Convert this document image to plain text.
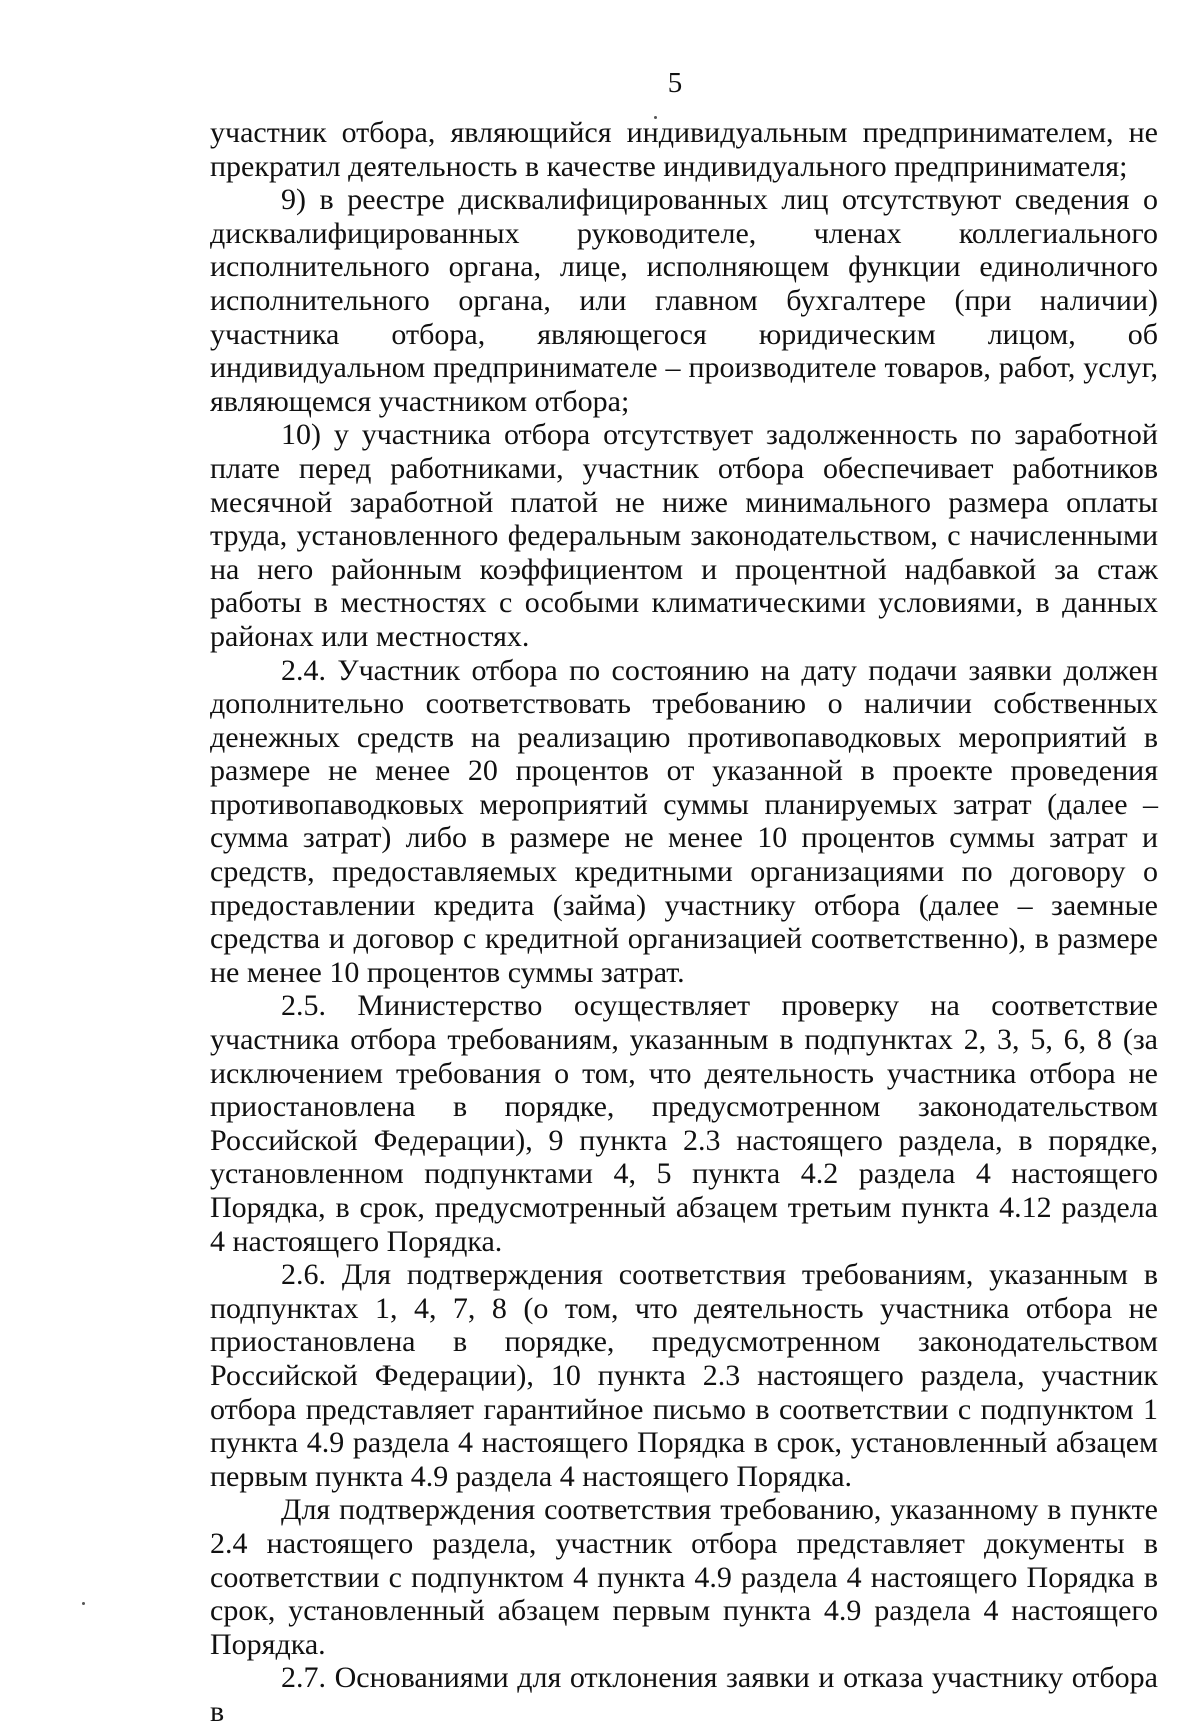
5

участник отбора, являющийся индивидуальным предпринимателем, не прекратил деятельность в качестве индивидуального предпринимателя;

9) в реестре дисквалифицированных лиц отсутствуют сведения о дисквалифицированных руководителе, членах коллегиального исполнительного органа, лице, исполняющем функции единоличного исполнительного органа, или главном бухгалтере (при наличии) участника отбора, являющегося юридическим лицом, об индивидуальном предпринимателе – производителе товаров, работ, услуг, являющемся участником отбора;

10) у участника отбора отсутствует задолженность по заработной плате перед работниками, участник отбора обеспечивает работников месячной заработной платой не ниже минимального размера оплаты труда, установленного федеральным законодательством, с начисленными на него районным коэффициентом и процентной надбавкой за стаж работы в местностях с особыми климатическими условиями, в данных районах или местностях.

2.4. Участник отбора по состоянию на дату подачи заявки должен дополнительно соответствовать требованию о наличии собственных денежных средств на реализацию противопаводковых мероприятий в размере не менее 20 процентов от указанной в проекте проведения противопаводковых мероприятий суммы планируемых затрат (далее – сумма затрат) либо в размере не менее 10 процентов суммы затрат и средств, предоставляемых кредитными организациями по договору о предоставлении кредита (займа) участнику отбора (далее – заемные средства и договор с кредитной организацией соответственно), в размере не менее 10 процентов суммы затрат.

2.5. Министерство осуществляет проверку на соответствие участника отбора требованиям, указанным в подпунктах 2, 3, 5, 6, 8 (за исключением требования о том, что деятельность участника отбора не приостановлена в порядке, предусмотренном законодательством Российской Федерации), 9 пункта 2.3 настоящего раздела, в порядке, установленном подпунктами 4, 5 пункта 4.2 раздела 4 настоящего Порядка, в срок, предусмотренный абзацем третьим пункта 4.12 раздела 4 настоящего Порядка.

2.6. Для подтверждения соответствия требованиям, указанным в подпунктах 1, 4, 7, 8 (о том, что деятельность участника отбора не приостановлена в порядке, предусмотренном законодательством Российской Федерации), 10 пункта 2.3 настоящего раздела, участник отбора представляет гарантийное письмо в соответствии с подпунктом 1 пункта 4.9 раздела 4 настоящего Порядка в срок, установленный абзацем первым пункта 4.9 раздела 4 настоящего Порядка.

Для подтверждения соответствия требованию, указанному в пункте 2.4 настоящего раздела, участник отбора представляет документы в соответствии с подпунктом 4 пункта 4.9 раздела 4 настоящего Порядка в срок, установленный абзацем первым пункта 4.9 раздела 4 настоящего Порядка.

2.7. Основаниями для отклонения заявки и отказа участнику отбора в
